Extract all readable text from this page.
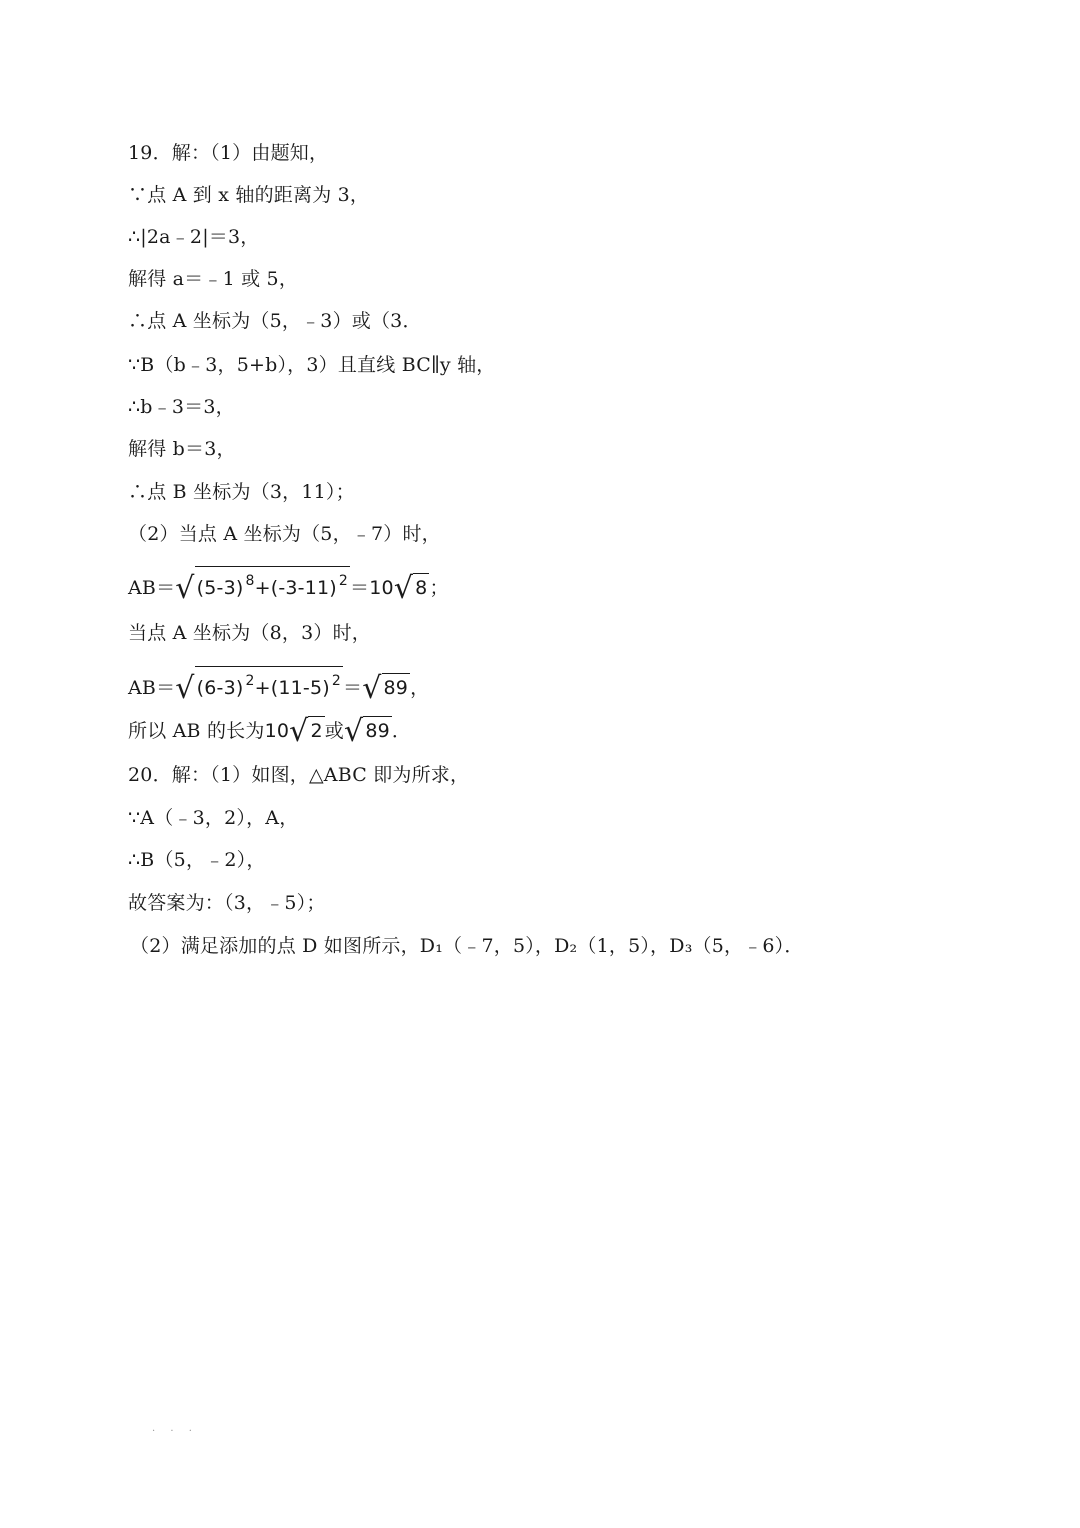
19．解：（1）由题知，
∵点 A 到 x 轴的距离为 3，
∴|2a﹣2|＝3，
解得 a＝﹣1 或 5，
∴点 A 坐标为（5，﹣3）或（3．
∵B（b﹣3，5+b），3）且直线 BC∥y 轴，
∴b﹣3＝3，
解得 b＝3，
∴点 B 坐标为（3，11）；
（2）当点 A 坐标为（5，﹣7）时，
AB＝√ (5-3) $^8$+(-3-11) $^2$ ＝10√ 8 ；
当点 A 坐标为（8，3）时，
AB＝√ (6-3) $^2$+(11-5) $^2$ ＝√ 89 ，
所以 AB 的长为10√ 2 或√ 89 ．
20．解：（1）如图，△ABC 即为所求，
∵A（﹣3，2），A，
∴B（5，﹣2），
故答案为：（3，﹣5）；
（2）满足添加的点 D 如图所示，D₁（﹣7，5），D₂（1，5），D₃（5，﹣6）．
· · ·
